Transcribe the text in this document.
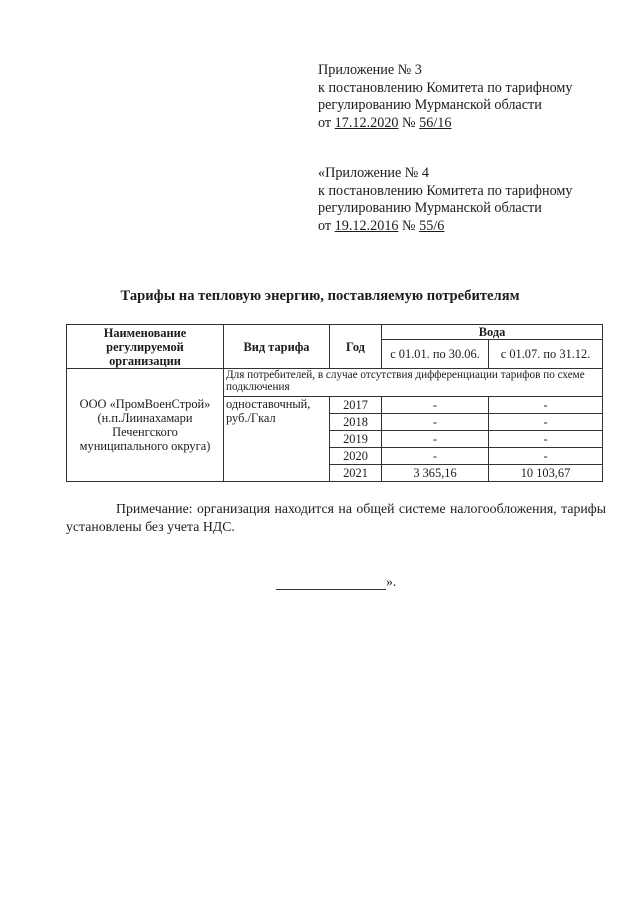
Приложение № 3
к постановлению Комитета по тарифному
регулированию Мурманской области
от 17.12.2020 № 56/16
«Приложение № 4
к постановлению Комитета по тарифному
регулированию Мурманской области
от 19.12.2016 № 55/6
Тарифы на тепловую энергию, поставляемую потребителям
Наименование регулируемой организации	Вид тарифа	Год	Вода	
			с 01.01. по 30.06.	с 01.07. по 31.12.
ООО «ПромВоенСтрой» (н.п.Лиинахамари Печенгского муниципального округа)	Для потребителей, в случае отсутствия дифференциации тарифов по схеме подключения			
	одноставочный, руб./Гкал	2017	-	-
		2018	-	-
		2019	-	-
		2020	-	-
		2021	3 365,16	10 103,67
Примечание: организация находится на общей системе налогообложения, тарифы установлены без учета НДС.
».
